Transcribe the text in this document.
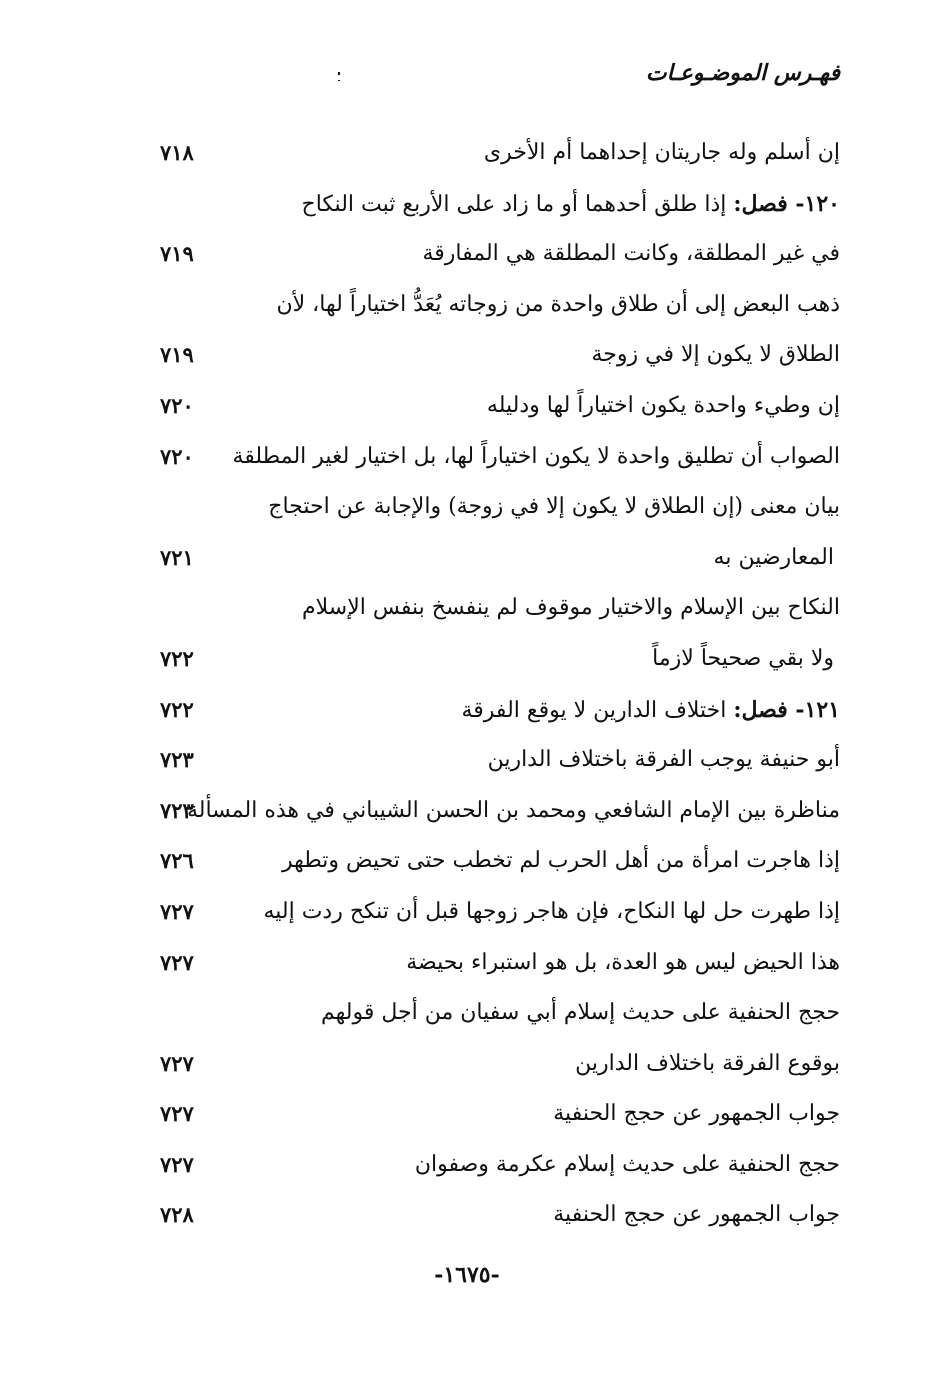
فهـرس الموضـوعـات
إن أسلم وله جاريتان إحداهما أم الأخرى
٧١٨
١٢٠- فصل: إذا طلق أحدهما أو ما زاد على الأربع ثبت النكاح
في غير المطلقة، وكانت المطلقة هي المفارقة
٧١٩
ذهب البعض إلى أن طلاق واحدة من زوجاته يُعَدُّ اختياراً لها، لأن
الطلاق لا يكون إلا في زوجة
٧١٩
إن وطيء واحدة يكون اختياراً لها ودليله
٧٢٠
الصواب أن تطليق واحدة لا يكون اختياراً لها، بل اختيار لغير المطلقة
٧٢٠
بيان معنى (إن الطلاق لا يكون إلا في زوجة) والإجابة عن احتجاج
المعارضين به
٧٢١
النكاح بين الإسلام والاختيار موقوف لم ينفسخ بنفس الإسلام
ولا بقي صحيحاً لازماً
٧٢٢
١٢١- فصل: اختلاف الدارين لا يوقع الفرقة
٧٢٢
أبو حنيفة يوجب الفرقة باختلاف الدارين
٧٢٣
مناظرة بين الإمام الشافعي ومحمد بن الحسن الشيباني في هذه المسألة
٧٢٣
إذا هاجرت امرأة من أهل الحرب لم تخطب حتى تحيض وتطهر
٧٢٦
إذا طهرت حل لها النكاح، فإن هاجر زوجها قبل أن تنكح ردت إليه
٧٢٧
هذا الحيض ليس هو العدة، بل هو استبراء بحيضة
٧٢٧
حجج الحنفية على حديث إسلام أبي سفيان من أجل قولهم
بوقوع الفرقة باختلاف الدارين
٧٢٧
جواب الجمهور عن حجج الحنفية
٧٢٧
حجج الحنفية على حديث إسلام عكرمة وصفوان
٧٢٧
جواب الجمهور عن حجج الحنفية
٧٢٨
-١٦٧٥-
